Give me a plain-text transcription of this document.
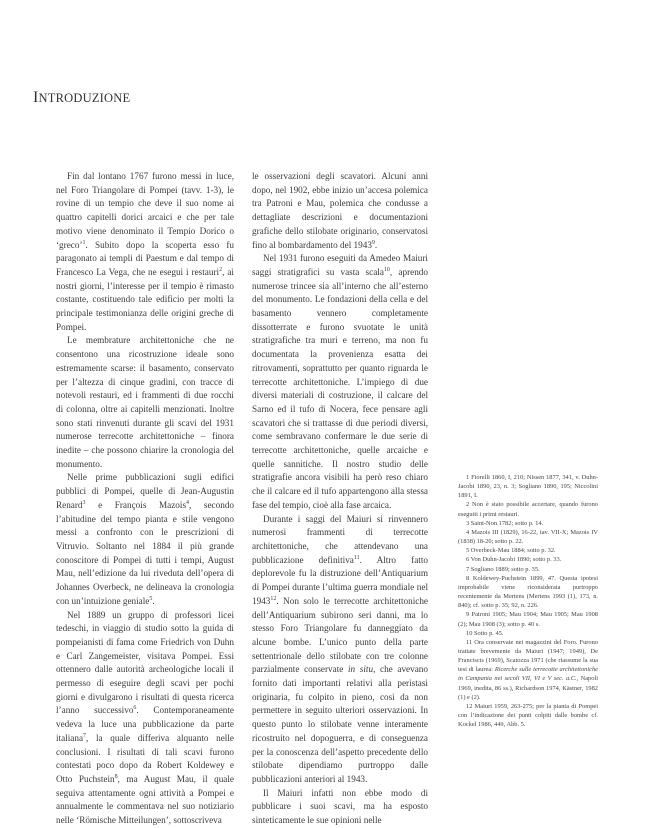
INTRODUZIONE

Fin dal lontano 1767 furono messi in luce, nel Foro Triangolare di Pompei (tavv. 1-3), le rovine di un tempio che deve il suo nome ai quattro capitelli dorici arcaici e che per tale motivo viene denominato il Tempio Dorico o ‘greco’$^1$. Subito dopo la scoperta esso fu paragonato ai templi di Paestum e dal tempo di Francesco La Vega, che ne eseguì i restauri$^2$, ai nostri giorni, l’interesse per il tempio è rimasto costante, costituendo tale edificio per molti la principale testimonianza delle origini greche di Pompei.

Le membrature architettoniche che ne consentono una ricostruzione ideale sono estremamente scarse: il basamento, conservato per l’altezza di cinque gradini, con tracce di notevoli restauri, ed i frammenti di due rocchi di colonna, oltre ai capitelli menzionati. Inoltre sono stati rinvenuti durante gli scavi del 1931 numerose terrecotte architettoniche – finora inedite – che possono chiarire la cronologia del monumento.

Nelle prime pubblicazioni sugli edifici pubblici di Pompei, quelle di Jean-Augustin Renard$^3$ e François Mazois$^4$, secondo l’abitudine del tempo pianta e stile vengono messi a confronto con le prescrizioni di Vitruvio. Soltanto nel 1884 il più grande conoscitore di Pompei di tutti i tempi, August Mau, nell’edizione da lui riveduta dell’opera di Johannes Overbeck, ne delineava la cronologia con un’intuizione geniale$^5$.

Nel 1889 un gruppo di professori licei tedeschi, in viaggio di studio sotto la guida di pompeianisti di fama come Friedrich von Duhn e Carl Zangemeister, visitava Pompei. Essi ottennero dalle autorità archeologiche locali il permesso di eseguire degli scavi per pochi giorni e divulgarono i risultati di questa ricerca l’anno successivo$^6$. Contemporaneamente vedeva la luce una pubblicazione da parte italiana$^7$, la quale differiva alquanto nelle conclusioni. I risultati di tali scavi furono contestati poco dopo da Robert Koldewey e Otto Puchstein$^8$, ma August Mau, il quale seguiva attentamente ogni attività a Pompei e annualmente le commentava nel suo notiziario nelle ‘Römische Mitteilungen’, sottoscriveva

le osservazioni degli scavatori. Alcuni anni dopo, nel 1902, ebbe inizio un’accesa polemica tra Patroni e Mau, polemica che condusse a dettagliate descrizioni e documentazioni grafiche dello stilobate originario, conservatosi fino al bombardamento del 1943$^9$.

Nel 1931 furono eseguiti da Amedeo Maiuri saggi stratigrafici su vasta scala$^{10}$, aprendo numerose trincee sia all’interno che all’esterno del monumento. Le fondazioni della cella e del basamento vennero completamente dissotterrate e furono svuotate le unità stratigrafiche tra muri e terreno, ma non fu documentata la provenienza esatta dei ritrovamenti, soprattutto per quanto riguarda le terrecotte architettoniche. L’impiego di due diversi materiali di costruzione, il calcare del Sarno ed il tufo di Nocera, fece pensare agli scavatori che si trattasse di due periodi diversi, come sembravano confermare le due serie di terrecotte architettoniche, quelle arcaiche e quelle sannitiche. Il nostro studio delle stratigrafie ancora visibili ha però reso chiaro che il calcare ed il tufo appartengono alla stessa fase del tempio, cioè alla fase arcaica.

Durante i saggi del Maiuri si rinvennero numerosi frammenti di terrecotte architettoniche, che attendevano una pubblicazione definitiva$^{11}$. Altro fatto deplorevole fu la distruzione dell’Antiquarium di Pompei durante l’ultima guerra mondiale nel 1943$^{12}$. Non solo le terrecotte architettoniche dell’Antiquarium subirono seri danni, ma lo stesso Foro Triangolare fu danneggiato da alcune bombe. L’unico punto della parte settentrionale dello stilobate con tre colonne parzialmente conservate in situ, che avevano fornito dati importanti relativi alla peristasi originaria, fu colpito in pieno, così da non permettere in seguito ulteriori osservazioni. In questo punto lo stilobate venne interamente ricostruito nel dopoguerra, e di conseguenza per la conoscenza dell’aspetto precedente dello stilobate dipendiamo purtroppo dalle pubblicazioni anteriori al 1943.

Il Maiuri infatti non ebbe modo di pubblicare i suoi scavi, ma ha esposto sinteticamente le sue opinioni nelle

1 Fiorelli 1860, I, 210; Nissen 1877, 341, v. Duhn-Jacobi 1890, 23, n. 3; Sogliano 1890, 195; Niccolini 1891, I.
2 Non è stato possibile accertare, quando furono eseguiti i primi restauri.
3 Saint-Non 1782; sotto p. 14.
4 Mazois III (1829), 16-22, tav. VII-X; Mazois IV (1838) 18-20; sotto p. 22.
5 Overbeck-Mau 1884; sotto p. 32.
6 Von Duhn-Jacobi 1890; sotto p. 33.
7 Sogliano 1889; sotto p. 35.
8 Koldewey-Puchstein 1899, 47. Questa ipotesi improbabile viene riconsiderata purtroppo recentemente da Mertens (Mertens 1993 (1), 173, n. 840); cf. sotto p. 35; 92, n. 226.
9 Patroni 1905; Mau 1904; Mau 1905; Mau 1908 (2); Mau 1908 (3); sotto p. 40 s.
10 Sotto p. 45.
11 Ora conservate nei magazzini del Foro. Furono trattate brevemente da Maiuri (1947; 1949), De Franciscis (1969), Scatozza 1971 (che riassume la sua tesi di laurea: Ricerche sulle terrecotte architettoniche in Campania nei secoli VII, VI e V sec. a.C., Napoli 1969, inedita, 86 ss.), Richardson 1974, Kästner, 1982 (1) e (2).
12 Maiuri 1959, 263-275; per la pianta di Pompei con l’indicazione dei punti colpiti dalle bombe cf. Kockel 1986, 449, Abb. 5.
